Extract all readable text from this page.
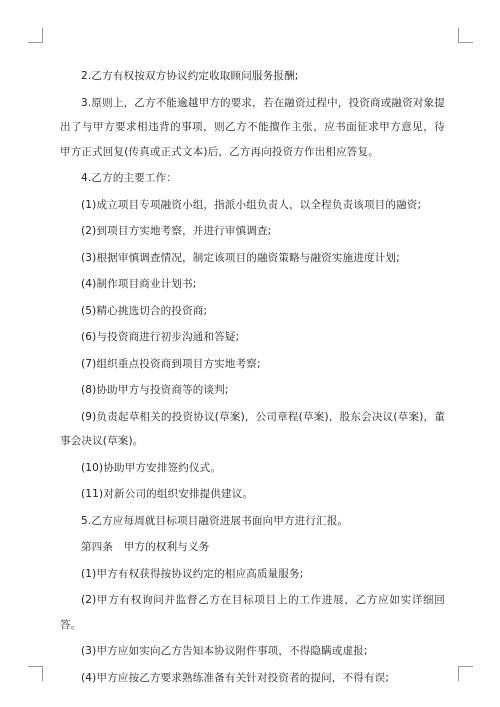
2.乙方有权按双方协议约定收取顾问服务报酬;

3.原则上，乙方不能逾越甲方的要求，若在融资过程中，投资商或融资对象提出了与甲方要求相违背的事项，则乙方不能擅作主张，应书面征求甲方意见，待甲方正式回复(传真或正式文本)后，乙方再向投资方作出相应答复。

4.乙方的主要工作：

(1)成立项目专项融资小组，指派小组负责人，以全程负责该项目的融资;

(2)到项目方实地考察，并进行审慎调查;

(3)根据审慎调查情况，制定该项目的融资策略与融资实施进度计划;

(4)制作项目商业计划书;

(5)精心挑选切合的投资商;

(6)与投资商进行初步沟通和答疑;

(7)组织重点投资商到项目方实地考察;

(8)协助甲方与投资商等的谈判;

(9)负责起草相关的投资协议(草案)，公司章程(草案)，股东会决议(草案)，董事会决议(草案)。

(10)协助甲方安排签约仪式。

(11)对新公司的组织安排提供建议。

5.乙方应每周就目标项目融资进展书面向甲方进行汇报。

第四条　甲方的权利与义务

(1)甲方有权获得按协议约定的相应高质量服务;

(2)甲方有权询问并监督乙方在目标项目上的工作进展，乙方应如实详细回答。

(3)甲方应如实向乙方告知本协议附件事项，不得隐瞒或虚报;

(4)甲方应按乙方要求熟练准备有关针对投资者的提问，不得有误;
